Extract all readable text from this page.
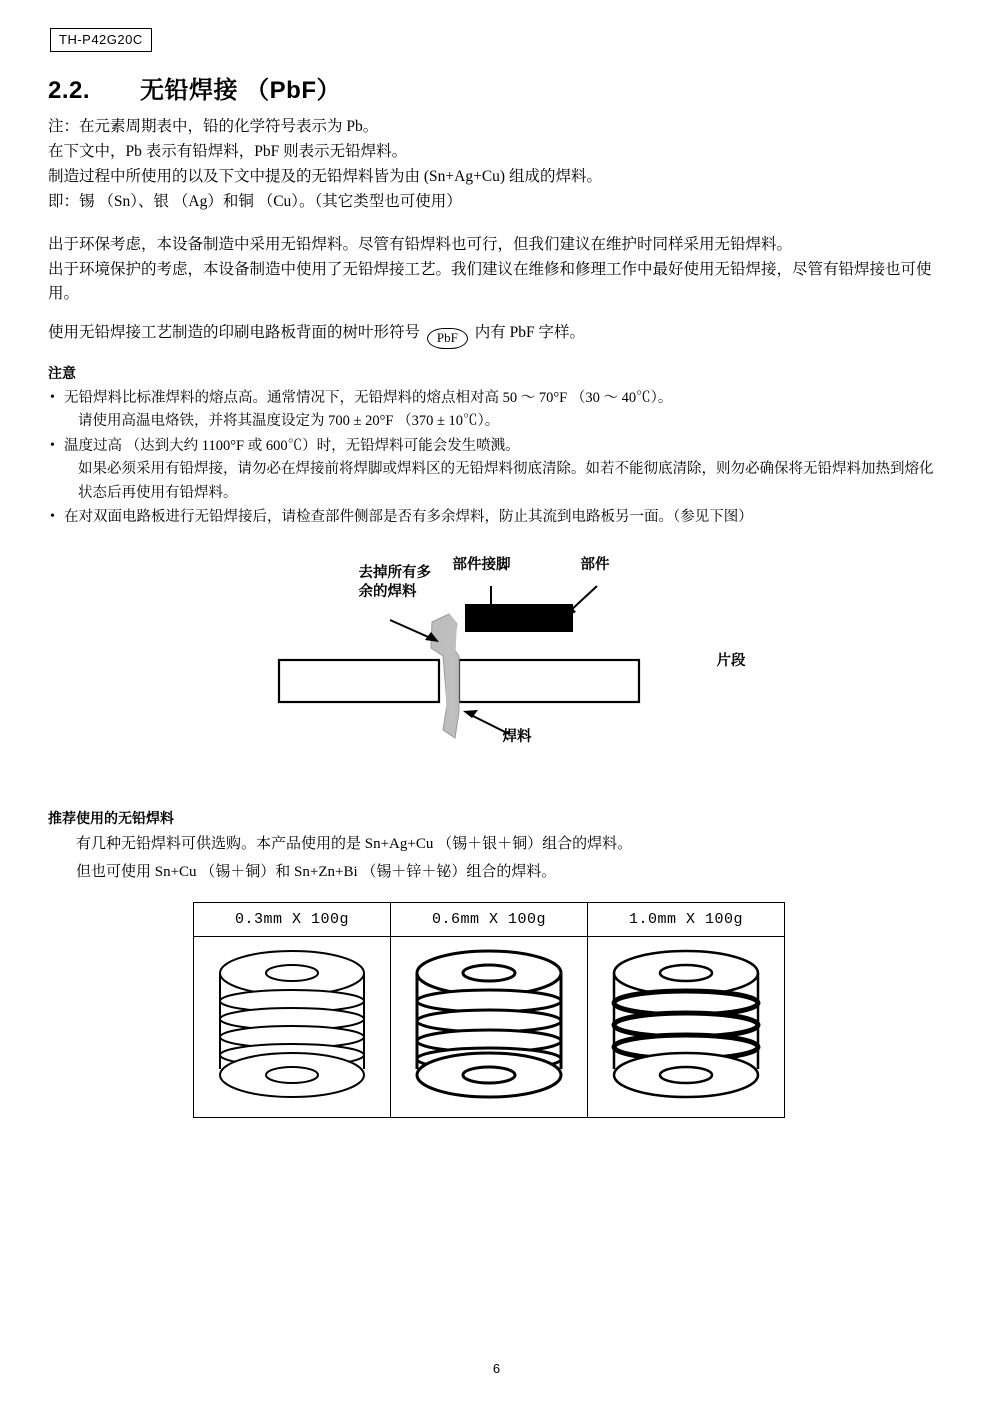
TH-P42G20C
2.2. 无铅焊接 （PbF）

注：在元素周期表中，铅的化学符号表示为 Pb。

在下文中，Pb 表示有铅焊料，PbF 则表示无铅焊料。

制造过程中所使用的以及下文中提及的无铅焊料皆为由 (Sn+Ag+Cu) 组成的焊料。

即：锡 （Sn）、银 （Ag）和铜 （Cu）。（其它类型也可使用）

出于环保考虑，本设备制造中采用无铅焊料。尽管有铅焊料也可行，但我们建议在维护时同样采用无铅焊料。

出于环境保护的考虑，本设备制造中使用了无铅焊接工艺。我们建议在维修和修理工作中最好使用无铅焊接，尽管有铅焊接也可使用。

使用无铅焊接工艺制造的印刷电路板背面的树叶形符号 PbF 内有 PbF 字样。

注意
• 无铅焊料比标准焊料的熔点高。通常情况下，无铅焊料的熔点相对高 50 ～ 70°F （30 ～ 40℃）。
请使用高温电烙铁，并将其温度设定为 700 ± 20°F （370 ± 10℃）。
• 温度过高 （达到大约 1100°F 或 600℃）时，无铅焊料可能会发生喷溅。
如果必须采用有铅焊接，请勿必在焊接前将焊脚或焊料区的无铅焊料彻底清除。如若不能彻底清除，则勿必确保将无铅焊料加热到熔化状态后再使用有铅焊料。
• 在对双面电路板进行无铅焊接后，请检查部件侧部是否有多余焊料，防止其流到电路板另一面。（参见下图）
去掉所有多
余的焊料
部件接脚	部件
片段
焊料
推荐使用的无铅焊料
有几种无铅焊料可供选购。本产品使用的是 Sn+Ag+Cu （锡＋银＋铜）组合的焊料。
但也可使用 Sn+Cu （锡＋铜）和 Sn+Zn+Bi （锡＋锌＋铋）组合的焊料。
0.3mm X 100g	0.6mm X 100g	1.0mm X 100g

6
